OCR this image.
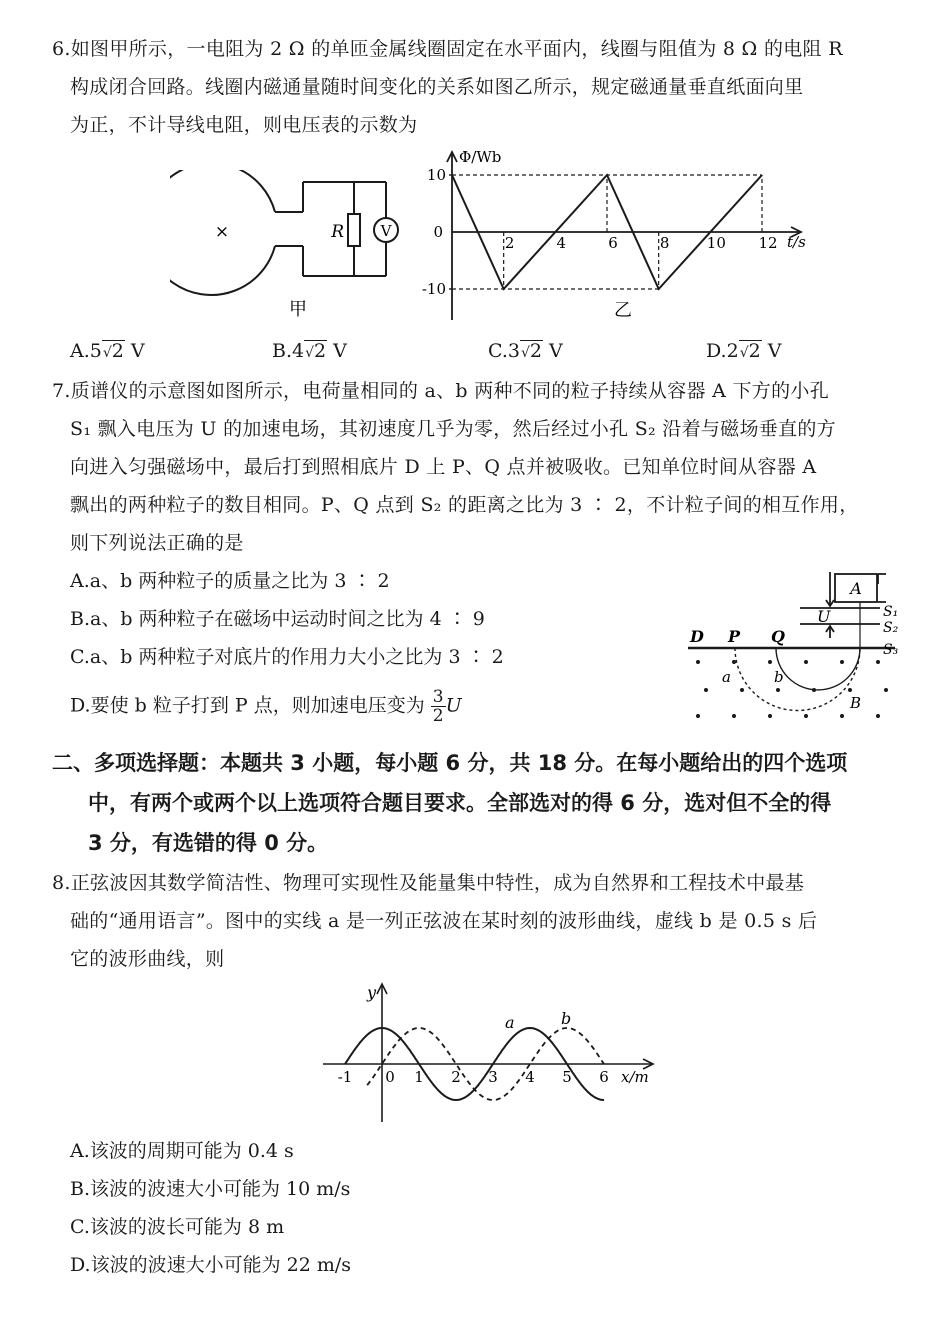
6.如图甲所示，一电阻为 2 Ω 的单匝金属线圈固定在水平面内，线圈与阻值为 8 Ω 的电阻 R
构成闭合回路。线圈内磁通量随时间变化的关系如图乙所示，规定磁通量垂直纸面向里
为正，不计导线电阻，则电压表的示数为
×	R V
甲
2	4	6	8 10 12
10
-10
Φ/Wb
t/s
0
乙
A.5√2 V	B.4√2 V	C.3√2 V	D.2√2 V
7.质谱仪的示意图如图所示，电荷量相同的 a、b 两种不同的粒子持续从容器 A 下方的小孔
S₁ 飘入电压为 U 的加速电场，其初速度几乎为零，然后经过小孔 S₂ 沿着与磁场垂直的方
向进入匀强磁场中，最后打到照相底片 D 上 P、Q 点并被吸收。已知单位时间从容器 A
飘出的两种粒子的数目相同。P、Q 点到 S₂ 的距离之比为 3 ∶ 2，不计粒子间的相互作用，
则下列说法正确的是
A.a、b 两种粒子的质量之比为 3 ∶ 2
B.a、b 两种粒子在磁场中运动时间之比为 4 ∶ 9
C.a、b 两种粒子对底片的作用力大小之比为 3 ∶ 2
D.要使 b 粒子打到 P 点，则加速电压变为 $\frac{3}{2}$ U
D P Q
A
U	S₁
S₂
S₃
a	b
B
二、多项选择题：本题共 3 小题，每小题 6 分，共 18 分。在每小题给出的四个选项
中，有两个或两个以上选项符合题目要求。全部选对的得 6 分，选对但不全的得
3 分，有选错的得 0 分。
8.正弦波因其数学简洁性、物理可实现性及能量集中特性，成为自然界和工程技术中最基
础的“通用语言”。图中的实线 a 是一列正弦波在某时刻的波形曲线，虚线 b 是 0.5 s 后
它的波形曲线，则
-1 0 1 2 3 4 5 6
y
x/m
a	b
A.该波的周期可能为 0.4 s
B.该波的波速大小可能为 10 m/s
C.该波的波长可能为 8 m
D.该波的波速大小可能为 22 m/s
